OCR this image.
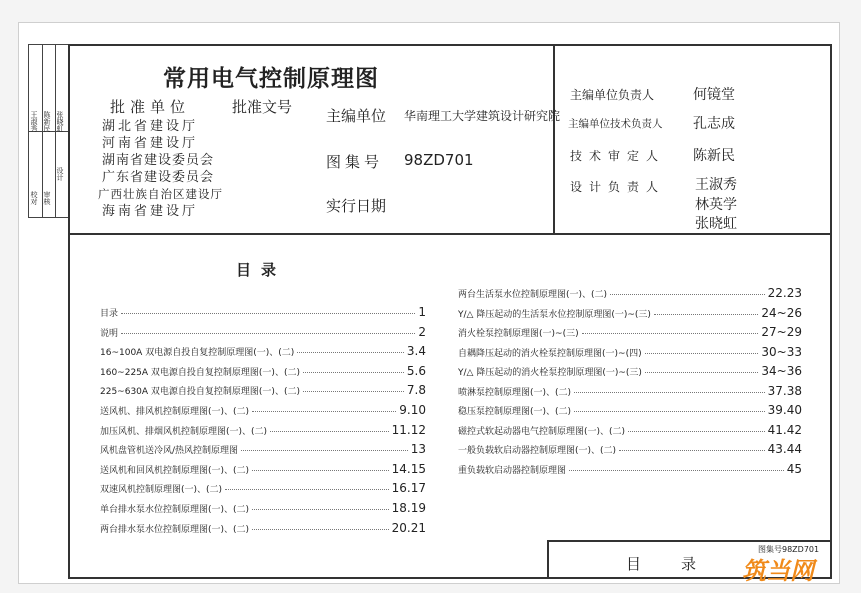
校对 审核
设计
王淑秀 陈新民 张晓虹
常用电气控制原理图
批准单位	批准文号
湖北省建设厅
河南省建设厅
湖南省建设委员会
广东省建设委员会
广西壮族自治区建设厅
海南省建设厅
主编单位 华南理工大学建筑设计研究院
图集号 98ZD701
实行日期
主编单位负责人	何镜堂
主编单位技术负责人 孔志成
技术审定人 陈新民
设计负责人 王淑秀
林英学
张晓虹
目录
目录	1
说明	2
16~100A 双电源自投自复控制原理图(一)、(二)	3.4
160~225A 双电源自投自复控制原理图(一)、(二)	5.6
225~630A 双电源自投自复控制原理图(一)、(二)	7.8
送风机、排风机控制原理图(一)、(二)	9.10
加压风机、排烟风机控制原理图(一)、(二)	11.12
风机盘管机送冷风/热风控制原理图	13
送风机和回风机控制原理图(一)、(二)	14.15
双速风机控制原理图(一)、(二)	16.17
单台排水泵水位控制原理图(一)、(二)	18.19
两台排水泵水位控制原理图(一)、(二)	20.21
两台生活泵水位控制原理图(一)、(二)	22.23
Y/△ 降压起动的生活泵水位控制原理图(一)~(三)	24~26
消火栓泵控制原理图(一)~(三)	27~29
自耦降压起动的消火栓泵控制原理图(一)~(四)	30~33
Y/△ 降压起动的消火栓泵控制原理图(一)~(三)	34~36
喷淋泵控制原理图(一)、(二)	37.38
稳压泵控制原理图(一)、(二)	39.40
磁控式软起动器电气控制原理图(一)、(二)	41.42
一般负载软启动器控制原理图(一)、(二)	43.44
重负载软启动器控制原理图	45
目录
图集号98ZD701
筑当网
